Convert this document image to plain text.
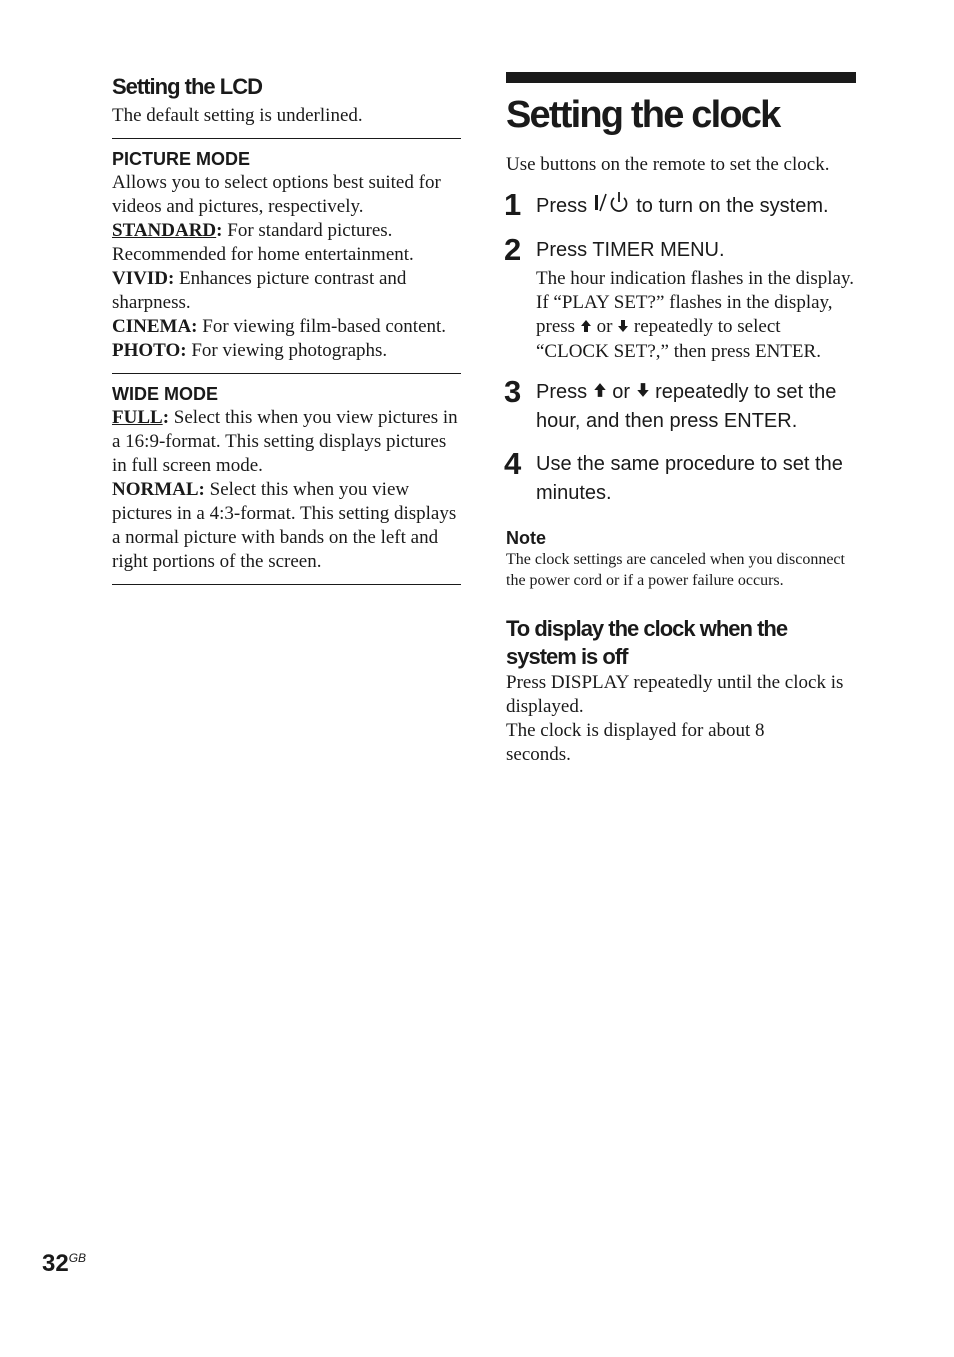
Setting the LCD

The default setting is underlined.

PICTURE MODE

Allows you to select options best suited for videos and pictures, respectively.

STANDARD: For standard pictures. Recommended for home entertainment.

VIVID: Enhances picture contrast and sharpness.

CINEMA: For viewing film-based content.

PHOTO: For viewing photographs.

WIDE MODE

FULL: Select this when you view pictures in a 16:9-format. This setting displays pictures in full screen mode.

NORMAL: Select this when you view pictures in a 4:3-format. This setting displays a normal picture with bands on the left and right portions of the screen.

Setting the clock

Use buttons on the remote to set the clock.

1 Press  to turn on the system.

2 Press TIMER MENU.

The hour indication flashes in the display.

If “PLAY SET?” flashes in the display, press  or  repeatedly to select “CLOCK SET?,” then press ENTER.

3 Press  or  repeatedly to set the hour, and then press ENTER.

4 Use the same procedure to set the minutes.

Note

The clock settings are canceled when you disconnect the power cord or if a power failure occurs.

To display the clock when the system is off

Press DISPLAY repeatedly until the clock is displayed.

The clock is displayed for about 8 seconds.

$32^{GB}$
